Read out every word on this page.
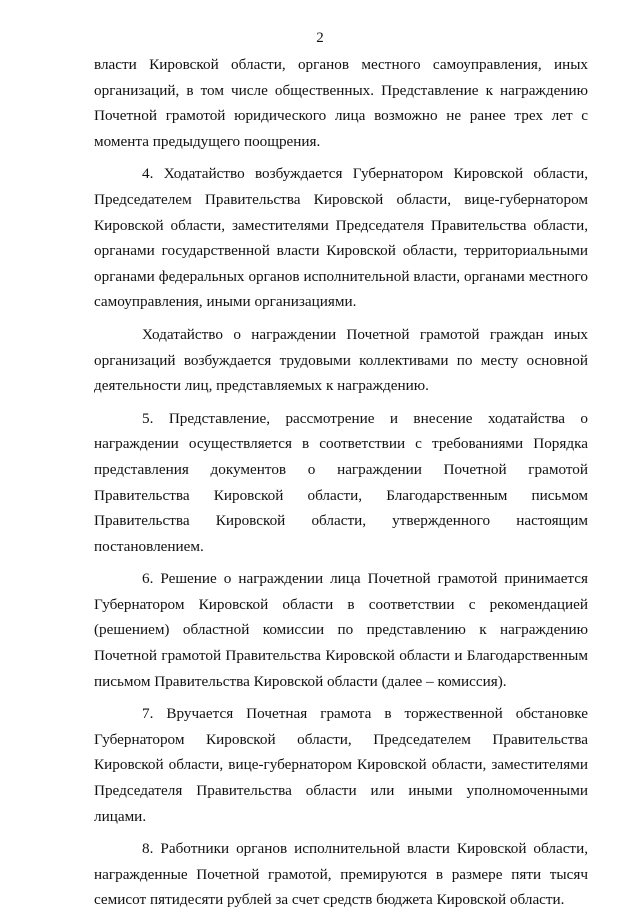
2

власти Кировской области, органов местного самоуправления, иных организаций, в том числе общественных. Представление к награждению Почетной грамотой юридического лица возможно не ранее трех лет с момента предыдущего поощрения.

4. Ходатайство возбуждается Губернатором Кировской области, Председателем Правительства Кировской области, вице-губернатором Кировской области, заместителями Председателя Правительства области, органами государственной власти Кировской области, территориальными органами федеральных органов исполнительной власти, органами местного самоуправления, иными организациями.

Ходатайство о награждении Почетной грамотой граждан иных организаций возбуждается трудовыми коллективами по месту основной деятельности лиц, представляемых к награждению.

5. Представление, рассмотрение и внесение ходатайства о награждении осуществляется в соответствии с требованиями Порядка представления документов о награждении Почетной грамотой Правительства Кировской области, Благодарственным письмом Правительства Кировской области, утвержденного настоящим постановлением.

6. Решение о награждении лица Почетной грамотой принимается Губернатором Кировской области в соответствии с рекомендацией (решением) областной комиссии по представлению к награждению Почетной грамотой Правительства Кировской области и Благодарственным письмом Правительства Кировской области (далее – комиссия).

7. Вручается Почетная грамота в торжественной обстановке Губернатором Кировской области, Председателем Правительства Кировской области, вице-губернатором Кировской области, заместителями Председателя Правительства области или иными уполномоченными лицами.

8. Работники органов исполнительной власти Кировской области, награжденные Почетной грамотой, премируются в размере пяти тысяч семисот пятидесяти рублей за счет средств бюджета Кировской области.
